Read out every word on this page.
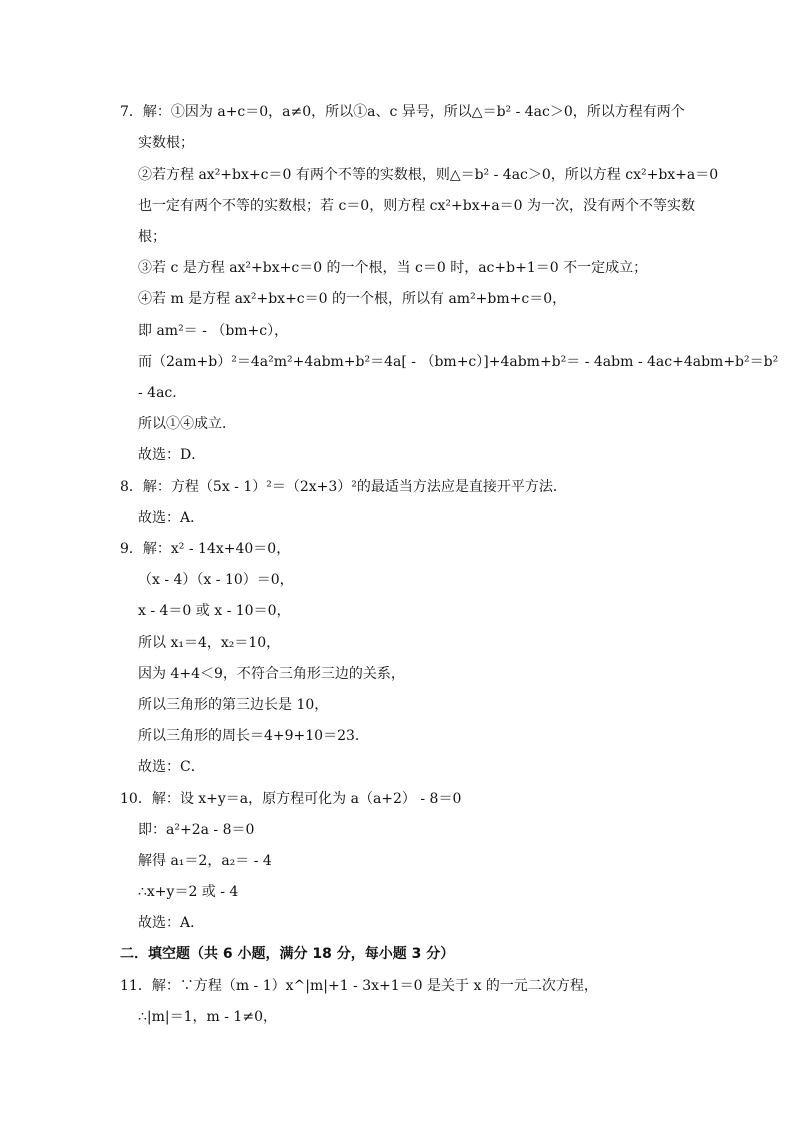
7．解：①因为 a+c＝0，a≠0，所以①a、c 异号，所以△＝b² - 4ac＞0，所以方程有两个
实数根；
②若方程 ax²+bx+c＝0 有两个不等的实数根，则△＝b² - 4ac＞0，所以方程 cx²+bx+a＝0
也一定有两个不等的实数根；若 c＝0，则方程 cx²+bx+a＝0 为一次，没有两个不等实数
根；
③若 c 是方程 ax²+bx+c＝0 的一个根，当 c＝0 时，ac+b+1＝0 不一定成立；
④若 m 是方程 ax²+bx+c＝0 的一个根，所以有 am²+bm+c＝0，
即 am²＝ - （bm+c），
而（2am+b）²＝4a²m²+4abm+b²＝4a[ - （bm+c）]+4abm+b²＝ - 4abm - 4ac+4abm+b²＝b²
- 4ac．
所以①④成立．
故选：D．
8．解：方程（5x - 1）²＝（2x+3）²的最适当方法应是直接开平方法．
故选：A．
9．解：x² - 14x+40＝0，
（x - 4）（x - 10）＝0，
x - 4＝0 或 x - 10＝0，
所以 x₁＝4，x₂＝10，
因为 4+4＜9，不符合三角形三边的关系，
所以三角形的第三边长是 10，
所以三角形的周长＝4+9+10＝23．
故选：C．
10．解：设 x+y＝a，原方程可化为 a（a+2） - 8＝0
即：a²+2a - 8＝0
解得 a₁＝2，a₂＝ - 4
∴x+y＝2 或 - 4
故选：A．
二．填空题（共 6 小题，满分 18 分，每小题 3 分）
11．解：∵方程（m - 1）x^|m|+1 - 3x+1＝0 是关于 x 的一元二次方程，
∴|m|＝1，m - 1≠0，
